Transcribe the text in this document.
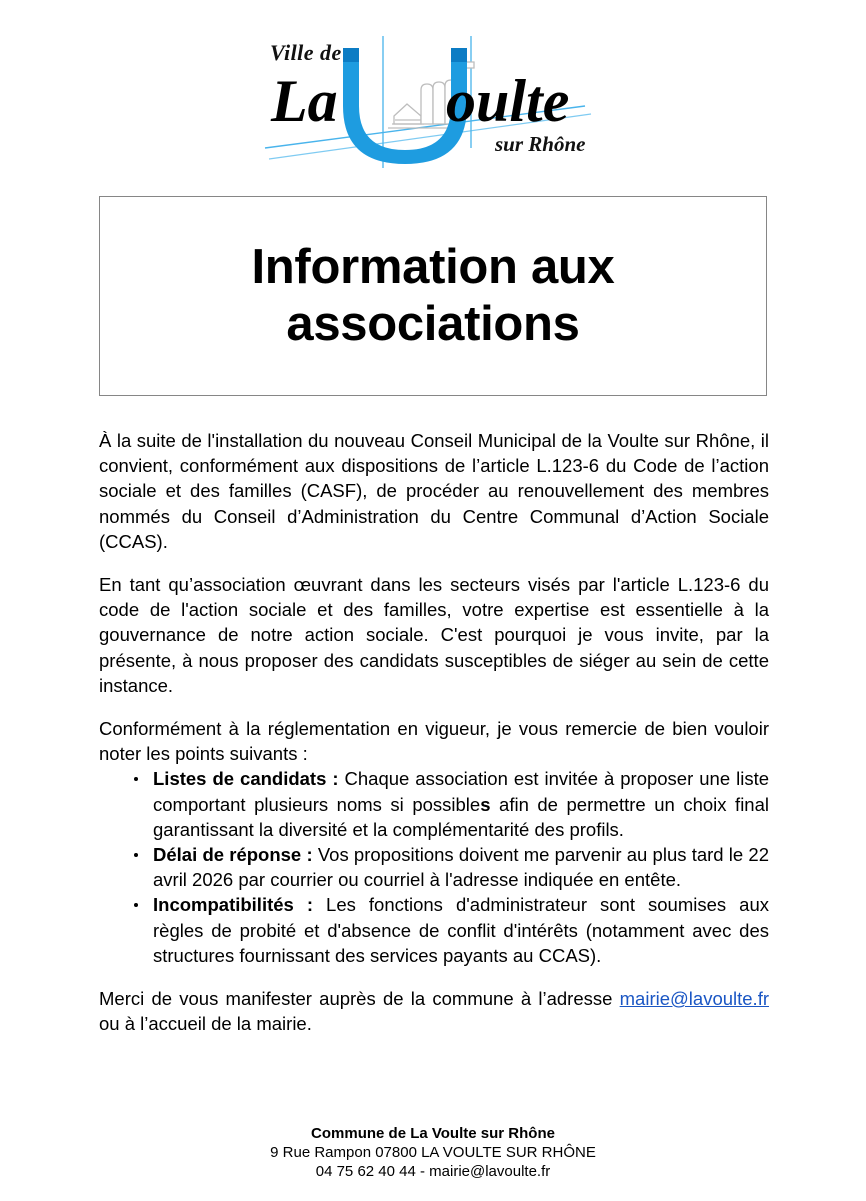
Ville de
La oulte
sur Rhône
Information aux associations

À la suite de l'installation du nouveau Conseil Municipal de la Voulte sur Rhône, il convient, conformément aux dispositions de l’article L.123-6 du Code de l’action sociale et des familles (CASF), de procéder au renouvellement des membres nommés du Conseil d’Administration du Centre Communal d’Action Sociale (CCAS).

En tant qu’association œuvrant dans les secteurs visés par l'article L.123-6 du code de l'action sociale et des familles, votre expertise est essentielle à la gouvernance de notre action sociale. C'est pourquoi je vous invite, par la présente, à nous proposer des candidats susceptibles de siéger au sein de cette instance.

Conformément à la réglementation en vigueur, je vous remercie de bien vouloir noter les points suivants :

Listes de candidats : Chaque association est invitée à proposer une liste comportant plusieurs noms si possibles afin de permettre un choix final garantissant la diversité et la complémentarité des profils.
Délai de réponse : Vos propositions doivent me parvenir au plus tard le 22 avril 2026 par courrier ou courriel à l'adresse indiquée en entête.
Incompatibilités : Les fonctions d'administrateur sont soumises aux règles de probité et d'absence de conflit d'intérêts (notamment avec des structures fournissant des services payants au CCAS).

Merci de vous manifester auprès de la commune à l’adresse mairie@lavoulte.fr ou à l’accueil de la mairie.

Commune de La Voulte sur Rhône
9 Rue Rampon 07800 LA VOULTE SUR RHÔNE
04 75 62 40 44 - mairie@lavoulte.fr
